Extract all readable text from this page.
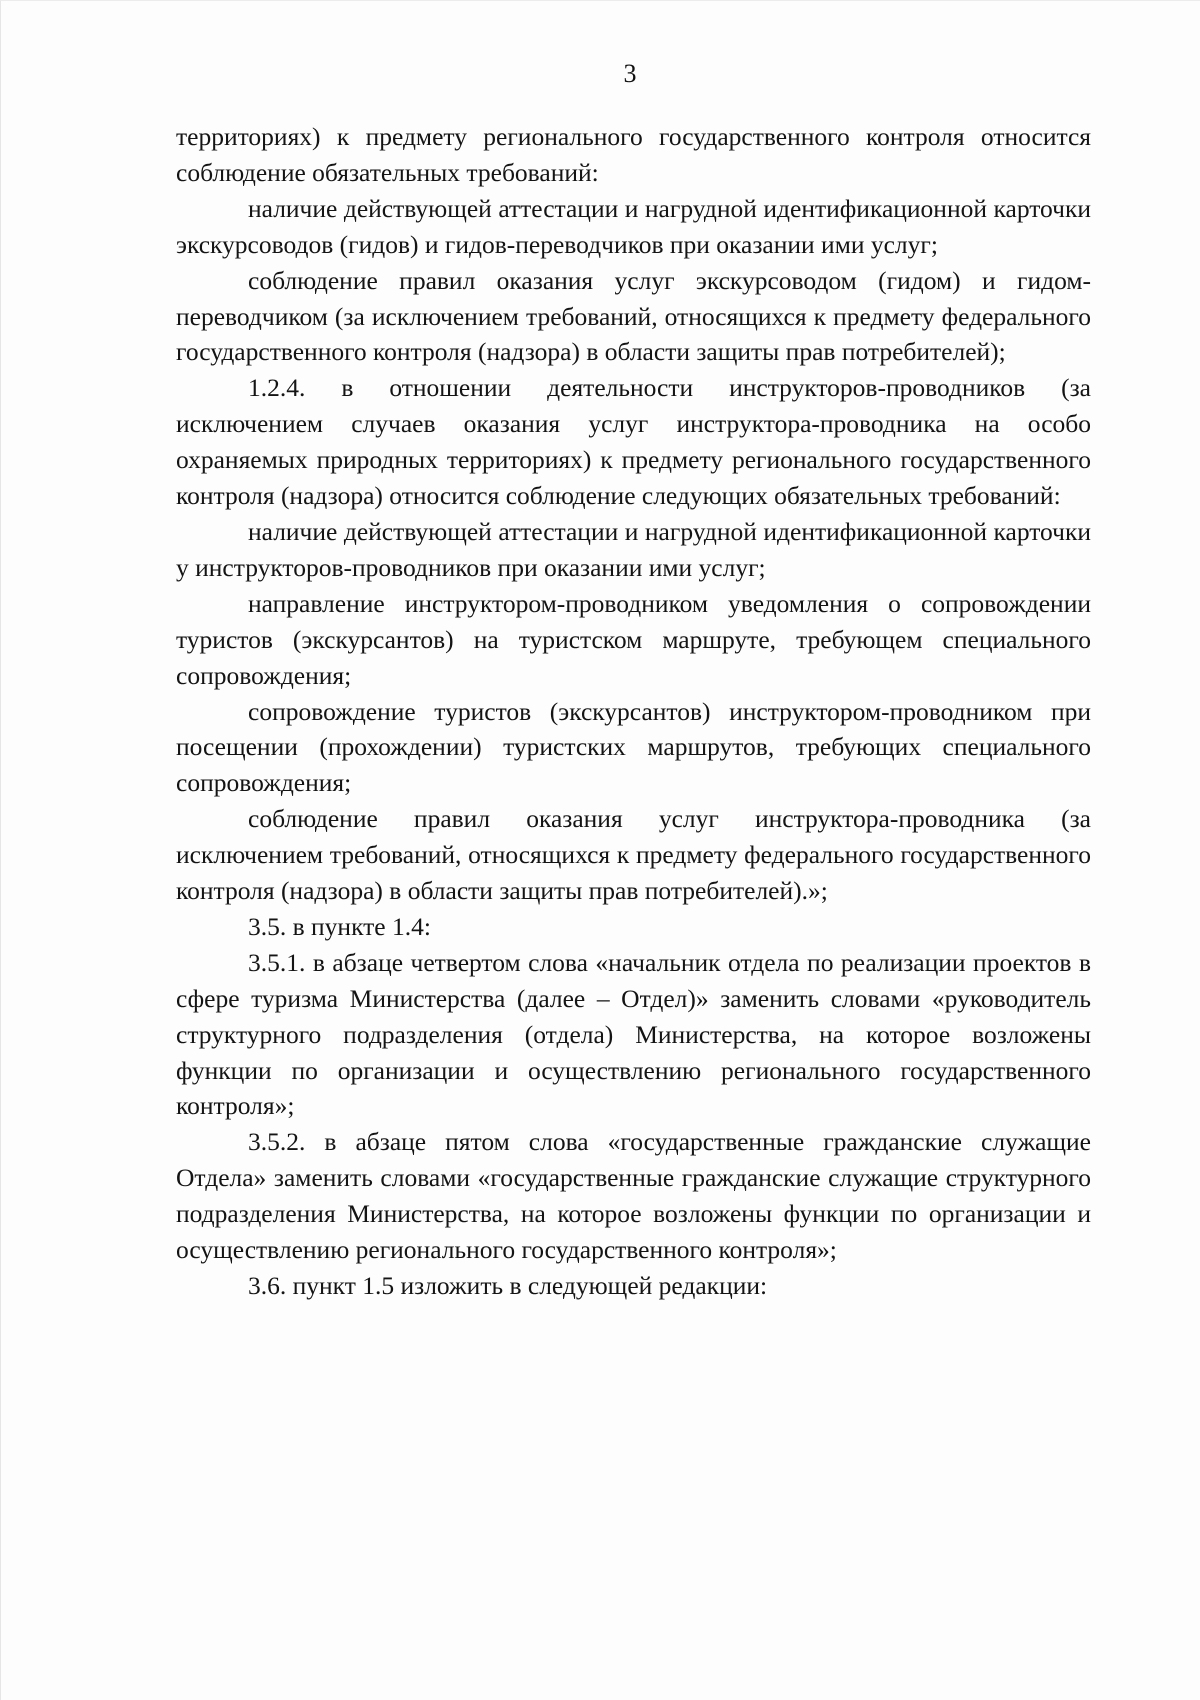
3

территориях) к предмету регионального государственного контроля относится соблюдение обязательных требований:

наличие действующей аттестации и нагрудной идентификационной карточки экскурсоводов (гидов) и гидов-переводчиков при оказании ими услуг;

соблюдение правил оказания услуг экскурсоводом (гидом) и гидом-переводчиком (за исключением требований, относящихся к предмету федерального государственного контроля (надзора) в области защиты прав потребителей);

1.2.4. в отношении деятельности инструкторов-проводников (за исключением случаев оказания услуг инструктора-проводника на особо охраняемых природных территориях) к предмету регионального государственного контроля (надзора) относится соблюдение следующих обязательных требований:

наличие действующей аттестации и нагрудной идентификационной карточки у инструкторов-проводников при оказании ими услуг;

направление инструктором-проводником уведомления о сопровождении туристов (экскурсантов) на туристском маршруте, требующем специального сопровождения;

сопровождение туристов (экскурсантов) инструктором-проводником при посещении (прохождении) туристских маршрутов, требующих специального сопровождения;

соблюдение правил оказания услуг инструктора-проводника (за исключением требований, относящихся к предмету федерального государственного контроля (надзора) в области защиты прав потребителей).»;

3.5. в пункте 1.4:

3.5.1. в абзаце четвертом слова «начальник отдела по реализации проектов в сфере туризма Министерства (далее – Отдел)» заменить словами «руководитель структурного подразделения (отдела) Министерства, на которое возложены функции по организации и осуществлению регионального государственного контроля»;

3.5.2. в абзаце пятом слова «государственные гражданские служащие Отдела» заменить словами «государственные гражданские служащие структурного подразделения Министерства, на которое возложены функции по организации и осуществлению регионального государственного контроля»;

3.6. пункт 1.5 изложить в следующей редакции:
